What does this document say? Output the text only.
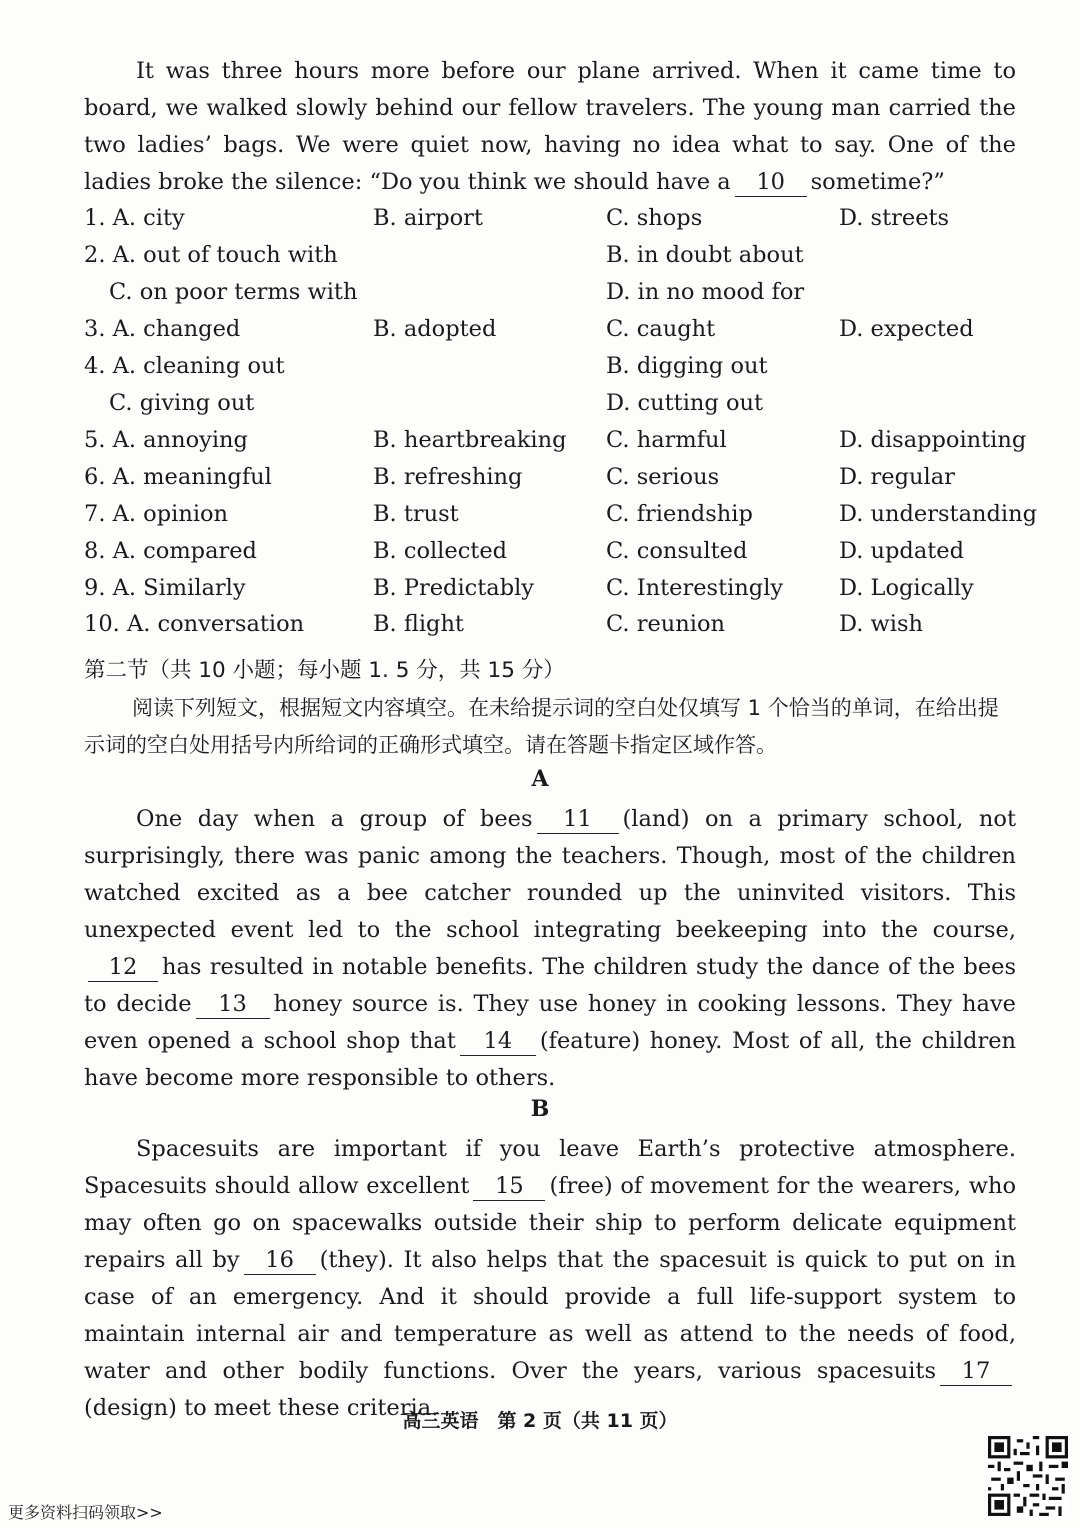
It was three hours more before our plane arrived. When it came time to board, we walked slowly behind our fellow travelers. The young man carried the two ladies’ bags. We were quiet now, having no idea what to say. One of the ladies broke the silence: “Do you think we should have a 10 sometime?”
1. A. city	B. airport	C. shops	D. streets
2. A. out of touch with	B. in doubt about
C. on poor terms with	D. in no mood for
3. A. changed	B. adopted	C. caught	D. expected
4. A. cleaning out	B. digging out
C. giving out	D. cutting out
5. A. annoying	B. heartbreaking C. harmful	D. disappointing
6. A. meaningful	B. refreshing	C. serious	D. regular
7. A. opinion	B. trust	C. friendship	D. understanding
8. A. compared	B. collected	C. consulted	D. updated
9. A. Similarly	B. Predictably	C. Interestingly D. Logically
10. A. conversation	B. flight	C. reunion	D. wish
第二节（共 10 小题；每小题 1. 5 分，共 15 分）
阅读下列短文，根据短文内容填空。在未给提示词的空白处仅填写 1 个恰当的单词，在给出提示词的空白处用括号内所给词的正确形式填空。请在答题卡指定区域作答。
A
One day when a group of bees 11 (land) on a primary school, not surprisingly, there was panic among the teachers. Though, most of the children watched excited as a bee catcher rounded up the uninvited visitors. This unexpected event led to the school integrating beekeeping into the course,12 has resulted in notable benefits. The children study the dance of the bees to decide 13 honey source is. They use honey in cooking lessons. They have even opened a school shop that 14 (feature) honey. Most of all, the children have become more responsible to others.
B
Spacesuits are important if you leave Earth’s protective atmosphere. Spacesuits should allow excellent 15 (free) of movement for the wearers, who may often go on spacewalks outside their ship to perform delicate equipment repairs all by 16 (they). It also helps that the spacesuit is quick to put on in case of an emergency. And it should provide a full life-support system to maintain internal air and temperature as well as attend to the needs of food, water and other bodily functions. Over the years, various spacesuits 17(design) to meet these criteria.
高三英语　第 2 页（共 11 页）
更多资料扫码领取>>
